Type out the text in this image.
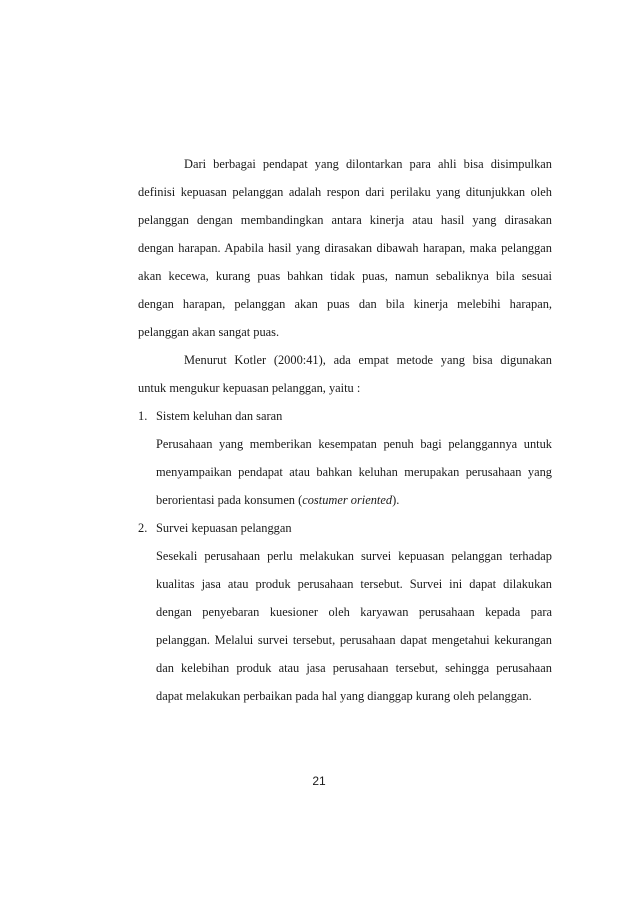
Dari berbagai pendapat yang dilontarkan para ahli bisa disimpulkan
definisi kepuasan pelanggan adalah respon dari perilaku yang ditunjukkan oleh
pelanggan dengan membandingkan antara kinerja atau hasil yang dirasakan
dengan harapan. Apabila hasil yang dirasakan dibawah harapan, maka pelanggan
akan kecewa, kurang puas bahkan tidak puas, namun sebaliknya bila sesuai
dengan harapan, pelanggan akan puas dan bila kinerja melebihi harapan,
pelanggan akan sangat puas.
Menurut Kotler (2000:41), ada empat metode yang bisa digunakan
untuk mengukur kepuasan pelanggan, yaitu :
1. Sistem keluhan dan saran
Perusahaan yang memberikan kesempatan penuh bagi pelanggannya untuk
menyampaikan pendapat atau bahkan keluhan merupakan perusahaan yang
berorientasi pada konsumen (costumer oriented).
2. Survei kepuasan pelanggan
Sesekali perusahaan perlu melakukan survei kepuasan pelanggan terhadap
kualitas jasa atau produk perusahaan tersebut. Survei ini dapat dilakukan
dengan penyebaran kuesioner oleh karyawan perusahaan kepada para
pelanggan. Melalui survei tersebut, perusahaan dapat mengetahui kekurangan
dan kelebihan produk atau jasa perusahaan tersebut, sehingga perusahaan
dapat melakukan perbaikan pada hal yang dianggap kurang oleh pelanggan.
21
